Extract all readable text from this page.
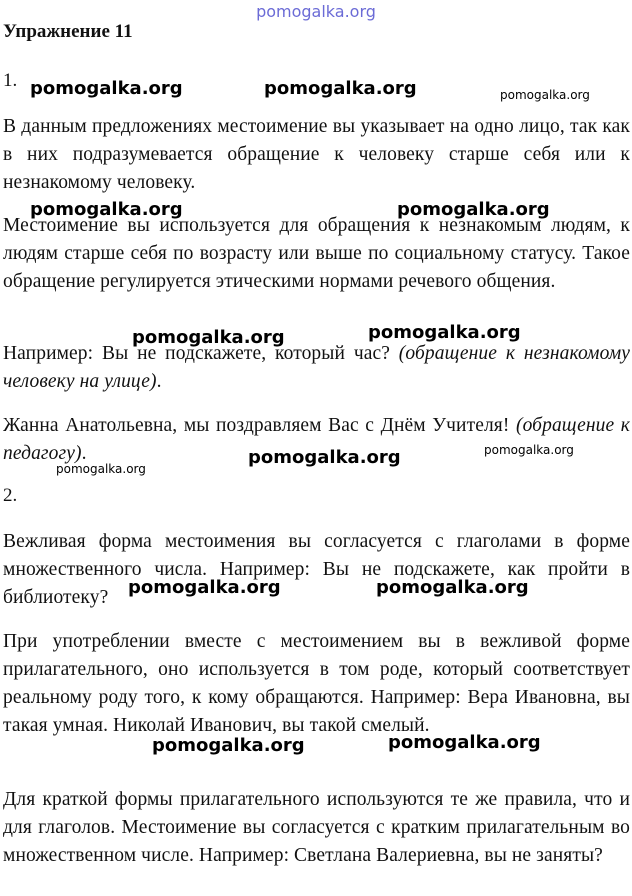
pomogalka.org
Упражнение 11
1.
В данным предложениях местоимение вы указывает на одно лицо, так как в них подразумевается обращение к человеку старше себя или к незнакомому человеку.
Местоимение вы используется для обращения к незнакомым людям, к людям старше себя по возрасту или выше по социальному статусу. Такое обращение регулируется этическими нормами речевого общения.
Например: Вы не подскажете, который час? (обращение к незнакомому человеку на улице).
Жанна Анатольевна, мы поздравляем Вас с Днём Учителя! (обращение к педагогу).
2.
Вежливая форма местоимения вы согласуется с глаголами в форме множественного числа. Например: Вы не подскажете, как пройти в библиотеку?
При употреблении вместе с местоимением вы в вежливой форме прилагательного, оно используется в том роде, который соответствует реальному роду того, к кому обращаются. Например: Вера Ивановна, вы такая умная. Николай Иванович, вы такой смелый.
Для краткой формы прилагательного используются те же правила, что и для глаголов. Местоимение вы согласуется с кратким прилагательным во множественном числе. Например: Светлана Валериевна, вы не заняты?
pomogalka.org	pomogalka.org	pomogalka.org
pomogalka.org	pomogalka.org
pomogalka.org	pomogalka.org
pomogalka.org	pomogalka.org
pomogalka.org
pomogalka.org	pomogalka.org
pomogalka.org	pomogalka.org
